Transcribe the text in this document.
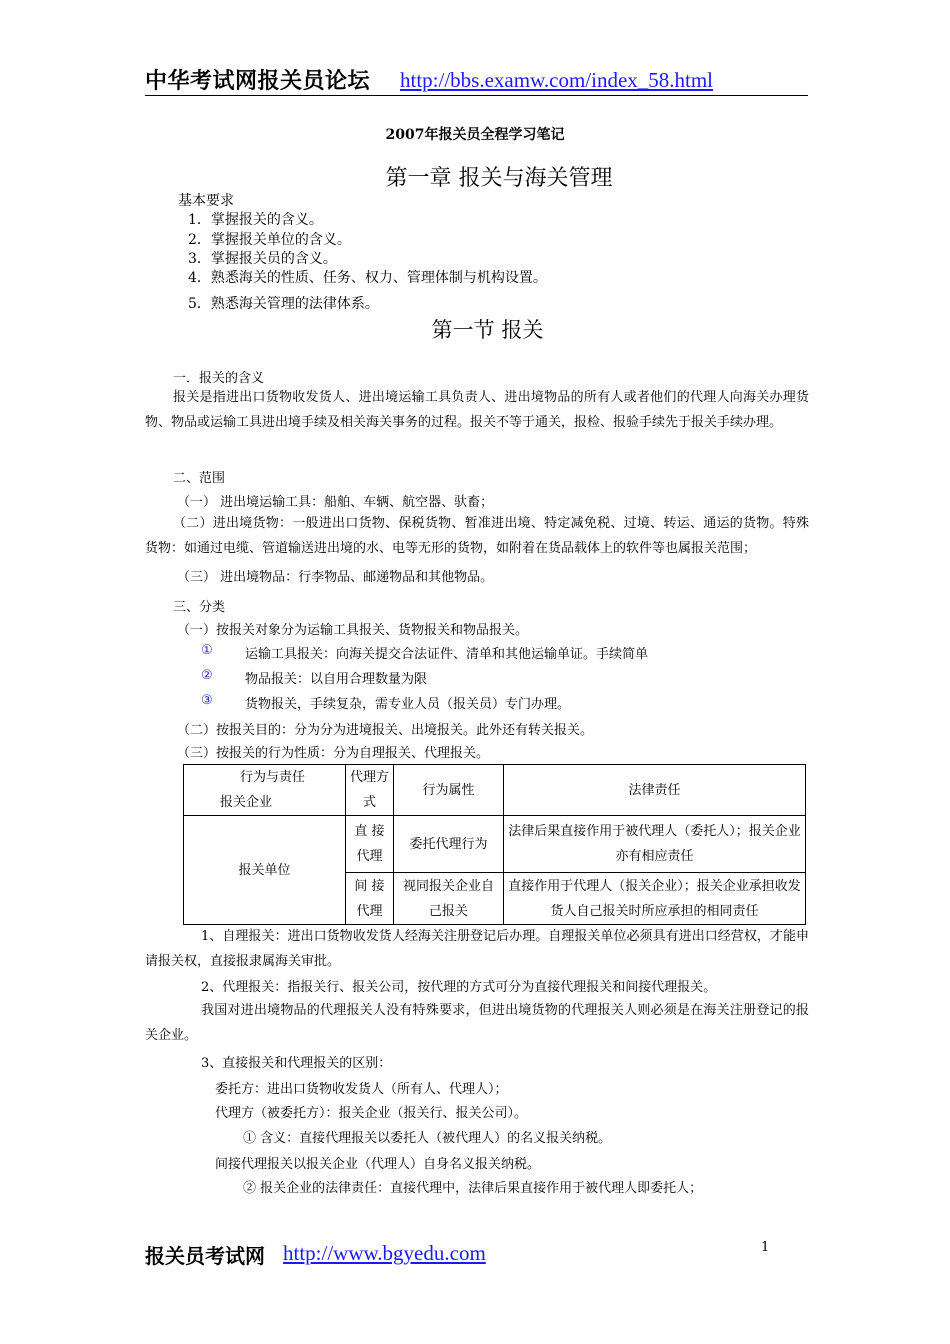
中华考试网报关员论坛 http://bbs.examw.com/index_58.html
2007年报关员全程学习笔记
第一章 报关与海关管理
基本要求
1．掌握报关的含义。
2．掌握报关单位的含义。
3．掌握报关员的含义。
4．熟悉海关的性质、任务、权力、管理体制与机构设置。
5．熟悉海关管理的法律体系。
第一节 报关
一．报关的含义
报关是指进出口货物收发货人、进出境运输工具负责人、进出境物品的所有人或者他们的代理人向海关办理货物、物品或运输工具进出境手续及相关海关事务的过程。报关不等于通关，报检、报验手续先于报关手续办理。
二、范围
（一） 进出境运输工具：船舶、车辆、航空器、驮畜；
（二）进出境货物：一般进出口货物、保税货物、暂准进出境、特定减免税、过境、转运、通运的货物。特殊货物：如通过电缆、管道输送进出境的水、电等无形的货物，如附着在货品载体上的软件等也属报关范围；
（三） 进出境物品：行李物品、邮递物品和其他物品。
三、分类
（一）按报关对象分为运输工具报关、货物报关和物品报关。
① 运输工具报关：向海关提交合法证件、清单和其他运输单证。手续简单
② 物品报关：以自用合理数量为限
③ 货物报关，手续复杂，需专业人员（报关员）专门办理。
（二）按报关目的：分为分为进境报关、出境报关。此外还有转关报关。
（三）按报关的行为性质：分为自理报关、代理报关。
行为与责任
报关企业	代理方式	行为属性	法律责任
报关单位	直 接代理	委托代理行为	法律后果直接作用于被代理人（委托人）；报关企业亦有相应责任
	间 接代理	视同报关企业自己报关	直接作用于代理人（报关企业）；报关企业承担收发货人自己报关时所应承担的相同责任
1、自理报关：进出口货物收发货人经海关注册登记后办理。自理报关单位必须具有进出口经营权，才能申请报关权，直接报隶属海关审批。
2、代理报关：指报关行、报关公司，按代理的方式可分为直接代理报关和间接代理报关。
我国对进出境物品的代理报关人没有特殊要求，但进出境货物的代理报关人则必须是在海关注册登记的报关企业。
3、直接报关和代理报关的区别：
委托方：进出口货物收发货人（所有人、代理人）；
代理方（被委托方）：报关企业（报关行、报关公司）。
① 含义：直接代理报关以委托人（被代理人）的名义报关纳税。
间接代理报关以报关企业（代理人）自身名义报关纳税。
② 报关企业的法律责任：直接代理中，法律后果直接作用于被代理人即委托人；
报关员考试网 http://www.bgyedu.com	1
